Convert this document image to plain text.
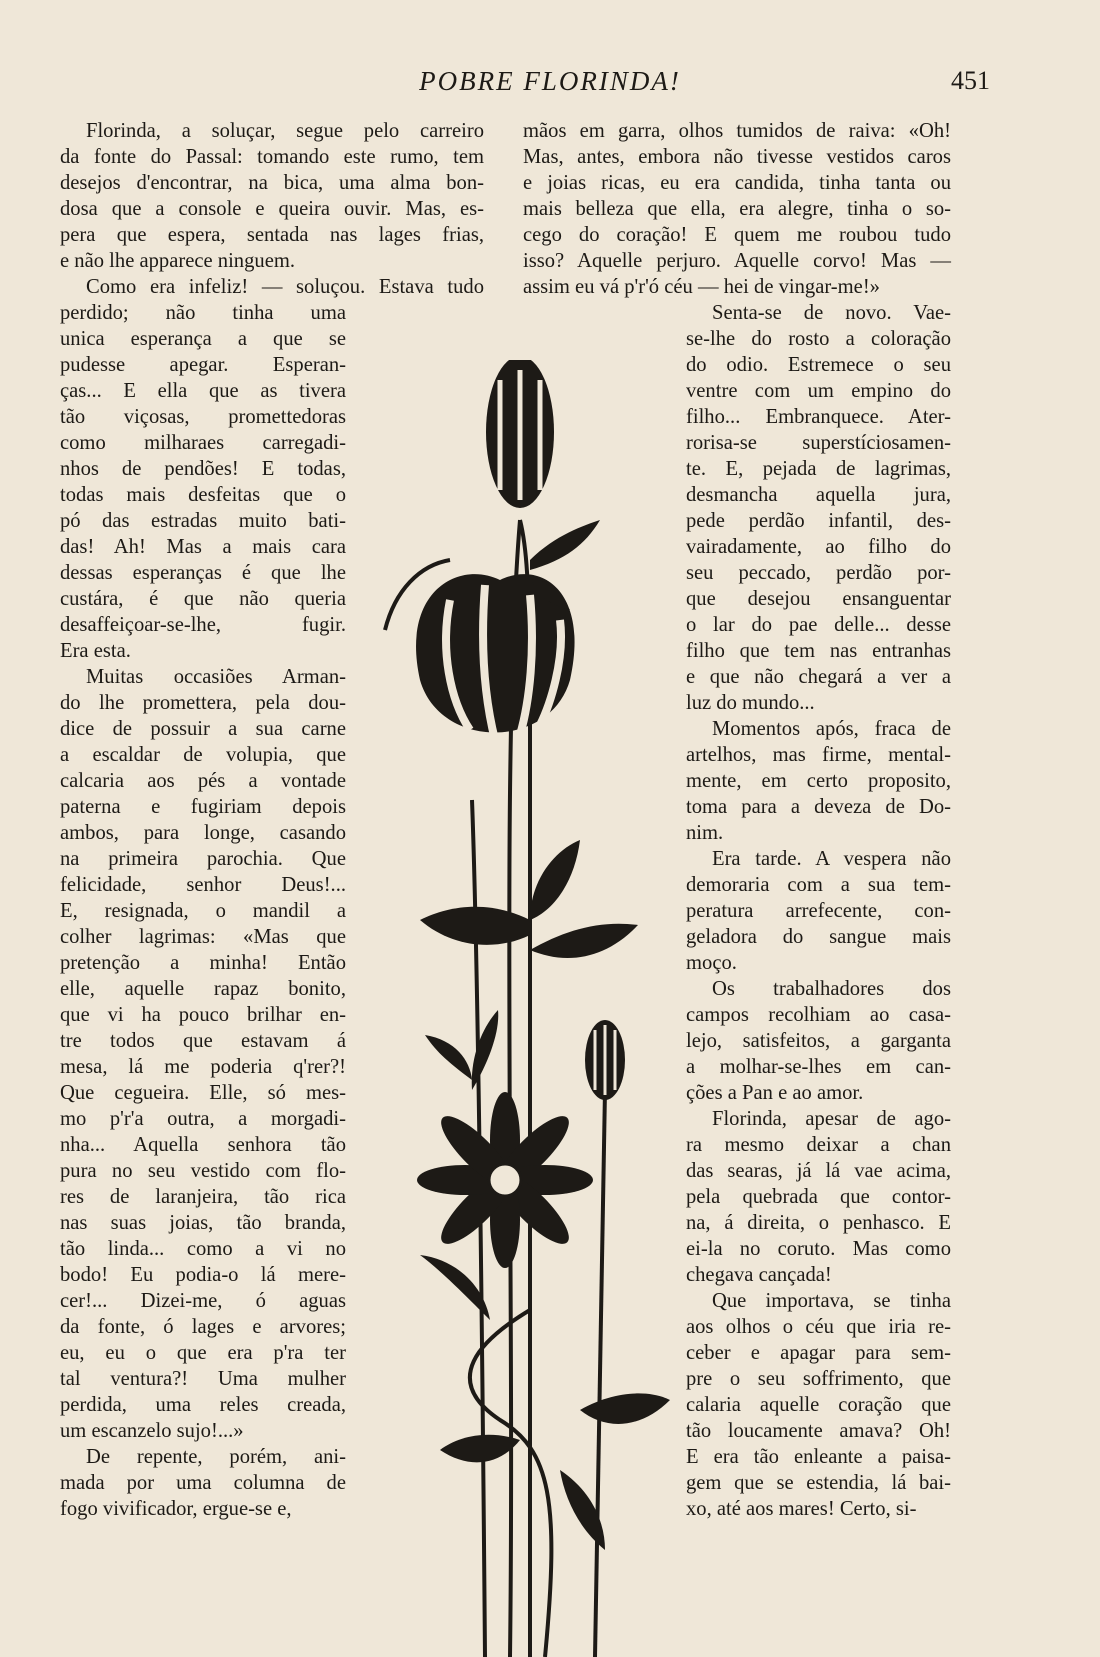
POBRE FLORINDA!	451
Florinda, a soluçar, segue pelo carreiro
da fonte do Passal: tomando este rumo, tem
desejos d'encontrar, na bica, uma alma bon-
dosa que a console e queira ouvir. Mas, es-
pera que espera, sentada nas lages frias,
e não lhe apparece ninguem.
Como era infeliz! — soluçou. Estava tudo
perdido; não tinha uma
unica esperança a que se
pudesse apegar. Esperan-
ças... E ella que as tivera
tão viçosas, promettedoras
como milharaes carregadi-
nhos de pendões! E todas,
todas mais desfeitas que o
pó das estradas muito bati-
das! Ah! Mas a mais cara
dessas esperanças é que lhe
custára, é que não queria
desaffeiçoar-se-lhe, fugir.
Era esta.
Muitas occasiões Arman-
do lhe promettera, pela dou-
dice de possuir a sua carne
a escaldar de volupia, que
calcaria aos pés a vontade
paterna e fugiriam depois
ambos, para longe, casando
na primeira parochia. Que
felicidade, senhor Deus!...
E, resignada, o mandil a
colher lagrimas: «Mas que
pretenção a minha! Então
elle, aquelle rapaz bonito,
que vi ha pouco brilhar en-
tre todos que estavam á
mesa, lá me poderia q'rer?!
Que cegueira. Elle, só mes-
mo p'r'a outra, a morgadi-
nha... Aquella senhora tão
pura no seu vestido com flo-
res de laranjeira, tão rica
nas suas joias, tão branda,
tão linda... como a vi no
bodo! Eu podia-o lá mere-
cer!... Dizei-me, ó aguas
da fonte, ó lages e arvores;
eu, eu o que era p'ra ter
tal ventura?! Uma mulher
perdida, uma reles creada,
um escanzelo sujo!...»
De repente, porém, ani-
mada por uma columna de
fogo vivificador, ergue-se e,
mãos em garra, olhos tumidos de raiva: «Oh!
Mas, antes, embora não tivesse vestidos caros
e joias ricas, eu era candida, tinha tanta ou
mais belleza que ella, era alegre, tinha o so-
cego do coração! E quem me roubou tudo
isso? Aquelle perjuro. Aquelle corvo! Mas —
assim eu vá p'r'ó céu — hei de vingar-me!»
Senta-se de novo. Vae-
se-lhe do rosto a coloração
do odio. Estremece o seu
ventre com um empino do
filho... Embranquece. Ater-
rorisa-se superstíciosamen-
te. E, pejada de lagrimas,
desmancha aquella jura,
pede perdão infantil, des-
vairadamente, ao filho do
seu peccado, perdão por-
que desejou ensanguentar
o lar do pae delle... desse
filho que tem nas entranhas
e que não chegará a ver a
luz do mundo...
Momentos após, fraca de
artelhos, mas firme, mental-
mente, em certo proposito,
toma para a deveza de Do-
nim.
Era tarde. A vespera não
demoraria com a sua tem-
peratura arrefecente, con-
geladora do sangue mais
moço.
Os trabalhadores dos
campos recolhiam ao casa-
lejo, satisfeitos, a garganta
a molhar-se-lhes em can-
ções a Pan e ao amor.
Florinda, apesar de ago-
ra mesmo deixar a chan
das searas, já lá vae acima,
pela quebrada que contor-
na, á direita, o penhasco. E
ei-la no coruto. Mas como
chegava cançada!
Que importava, se tinha
aos olhos o céu que iria re-
ceber e apagar para sem-
pre o seu soffrimento, que
calaria aquelle coração que
tão loucamente amava? Oh!
E era tão enleante a paisa-
gem que se estendia, lá bai-
xo, até aos mares! Certo, si-
